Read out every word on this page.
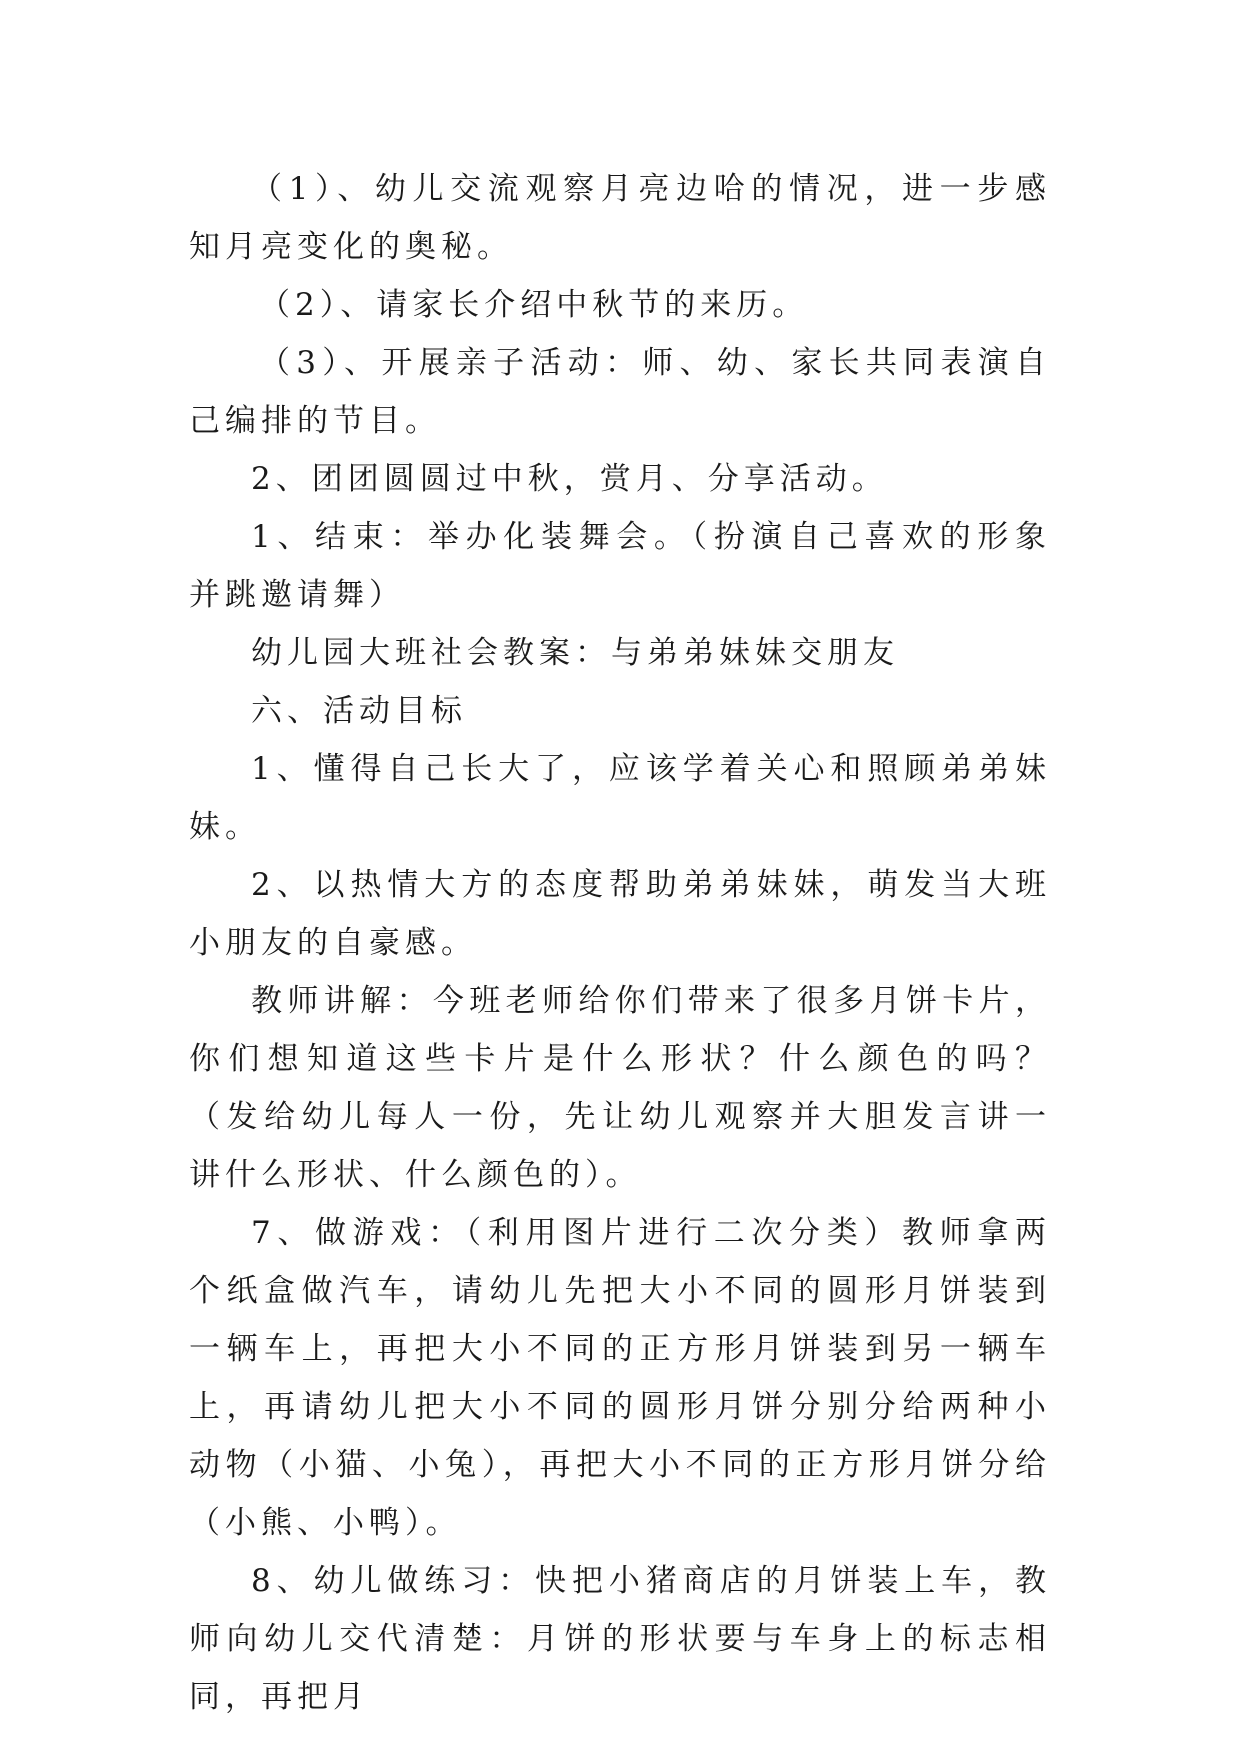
（1）、幼儿交流观察月亮边哈的情况，进一步感知月亮变化的奥秘。

（2）、请家长介绍中秋节的来历。

（3）、开展亲子活动：师、幼、家长共同表演自己编排的节目。

2、团团圆圆过中秋，赏月、分享活动。

1、结束：举办化装舞会。（扮演自己喜欢的形象并跳邀请舞）

幼儿园大班社会教案：与弟弟妹妹交朋友

六、活动目标

1、懂得自己长大了，应该学着关心和照顾弟弟妹妹。

2、以热情大方的态度帮助弟弟妹妹，萌发当大班小朋友的自豪感。

教师讲解：今班老师给你们带来了很多月饼卡片，你们想知道这些卡片是什么形状？什么颜色的吗？（发给幼儿每人一份，先让幼儿观察并大胆发言讲一讲什么形状、什么颜色的）。

7、做游戏：（利用图片进行二次分类）教师拿两个纸盒做汽车，请幼儿先把大小不同的圆形月饼装到一辆车上，再把大小不同的正方形月饼装到另一辆车上，再请幼儿把大小不同的圆形月饼分别分给两种小动物（小猫、小兔），再把大小不同的正方形月饼分给（小熊、小鸭）。

8、幼儿做练习：快把小猪商店的月饼装上车，教师向幼儿交代清楚：月饼的形状要与车身上的标志相同，再把月
